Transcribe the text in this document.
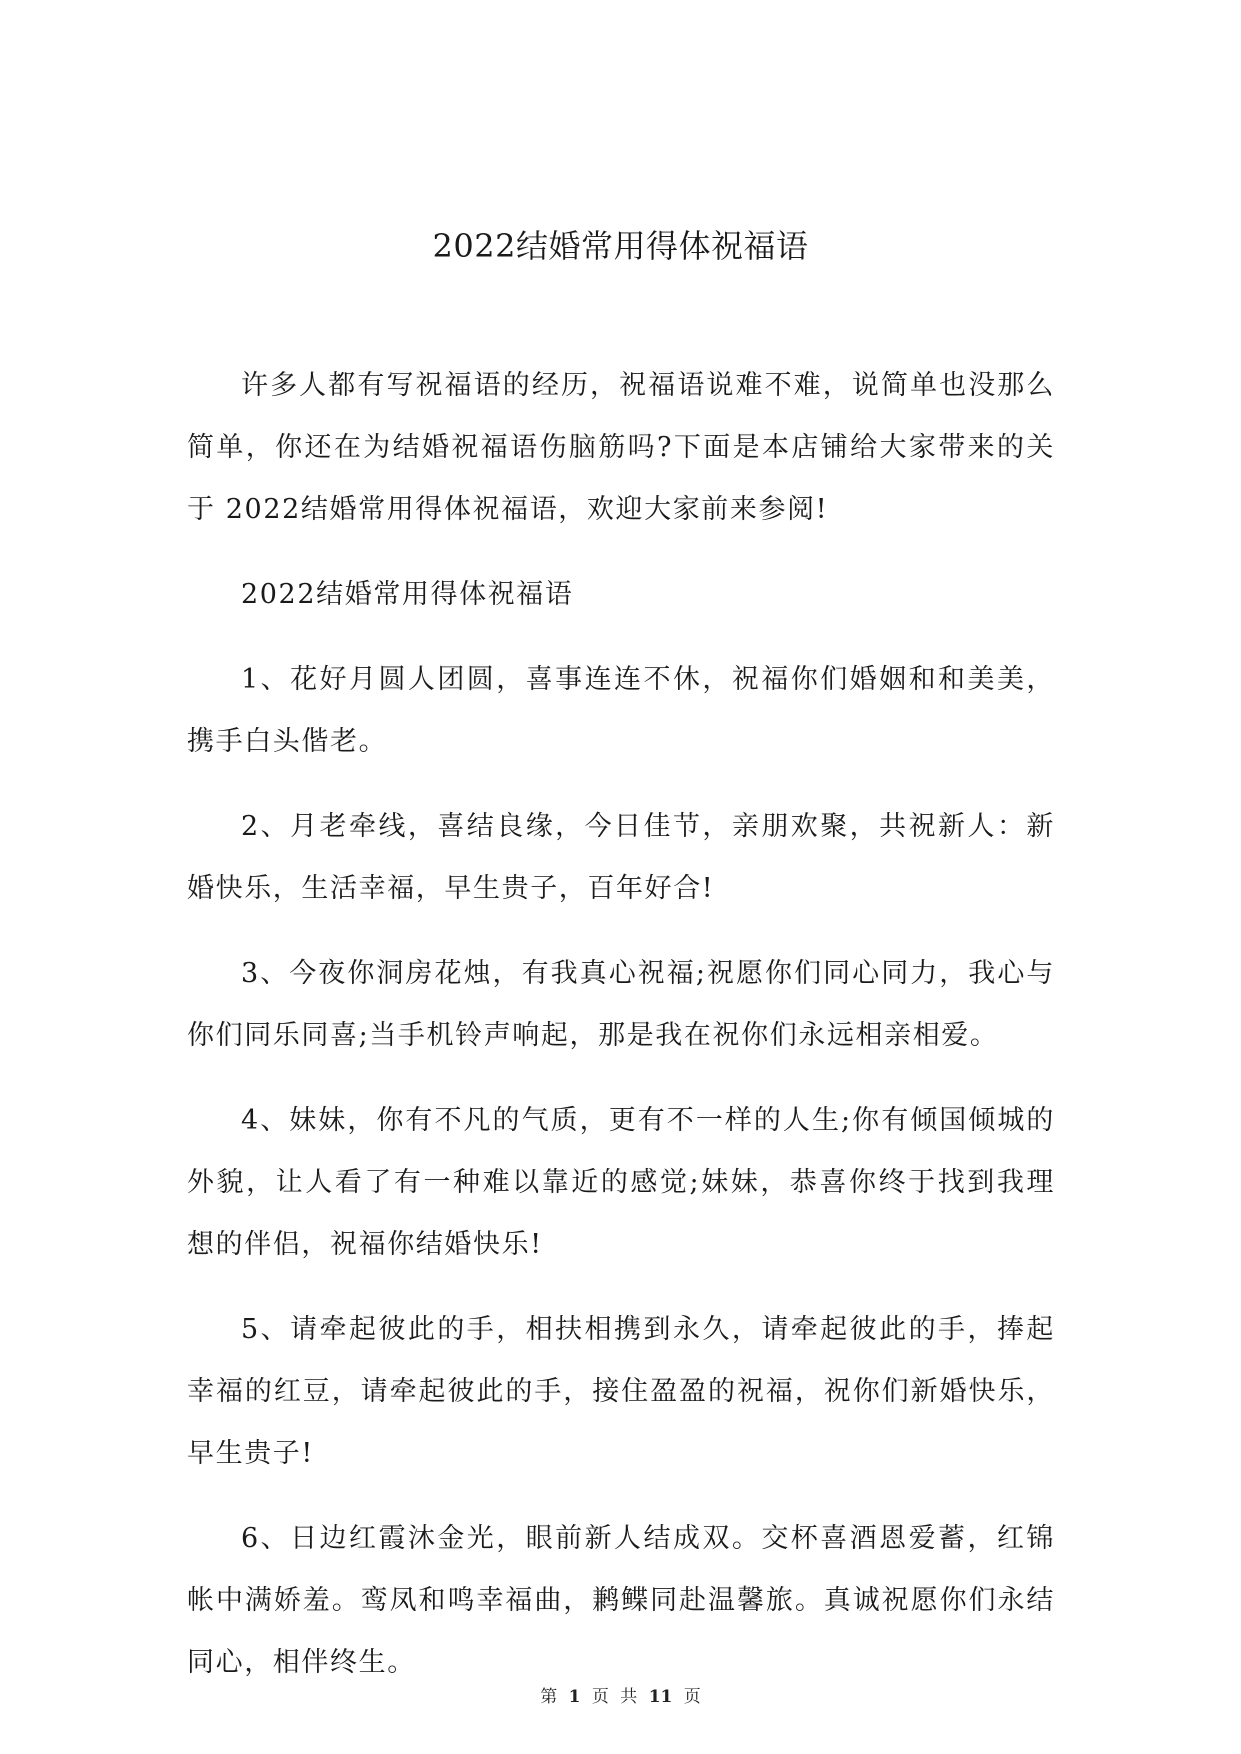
2022结婚常用得体祝福语

许多人都有写祝福语的经历，祝福语说难不难，说简单也没那么简单，你还在为结婚祝福语伤脑筋吗?下面是本店铺给大家带来的关于 2022结婚常用得体祝福语，欢迎大家前来参阅!

2022结婚常用得体祝福语

1、花好月圆人团圆，喜事连连不休，祝福你们婚姻和和美美，携手白头偕老。

2、月老牵线，喜结良缘，今日佳节，亲朋欢聚，共祝新人：新婚快乐，生活幸福，早生贵子，百年好合!

3、今夜你洞房花烛，有我真心祝福;祝愿你们同心同力，我心与你们同乐同喜;当手机铃声响起，那是我在祝你们永远相亲相爱。

4、妹妹，你有不凡的气质，更有不一样的人生;你有倾国倾城的外貌，让人看了有一种难以靠近的感觉;妹妹，恭喜你终于找到我理想的伴侣，祝福你结婚快乐!

5、请牵起彼此的手，相扶相携到永久，请牵起彼此的手，捧起幸福的红豆，请牵起彼此的手，接住盈盈的祝福，祝你们新婚快乐，早生贵子!

6、日边红霞沐金光，眼前新人结成双。交杯喜酒恩爱蓄，红锦帐中满娇羞。鸾凤和鸣幸福曲，鹣鲽同赴温馨旅。真诚祝愿你们永结同心，相伴终生。

第 1 页 共 11 页
